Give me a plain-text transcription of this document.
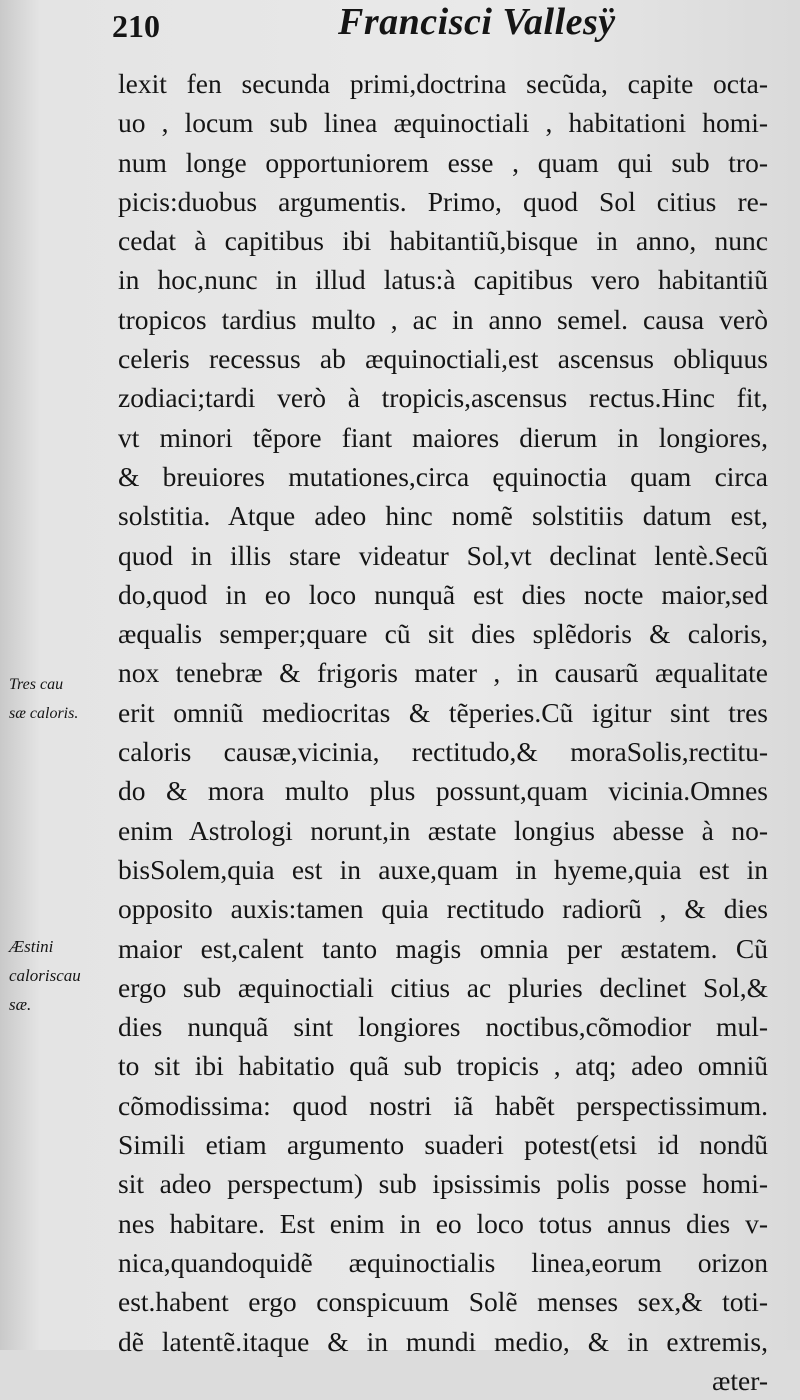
210	Francisci Vallesÿ
Tres cau
sæ caloris.
Æstini
caloriscau
sæ.
lexit fen secunda primi,doctrina secũda, capite octa-
uo , locum sub linea æquinoctiali , habitationi homi-
num longe opportuniorem esse , quam qui sub tro-
picis:duobus argumentis. Primo, quod Sol citius re-
cedat à capitibus ibi habitantiũ,bisque in anno, nunc
in hoc,nunc in illud latus:à capitibus vero habitantiũ
tropicos tardius multo , ac in anno semel. causa verò
celeris recessus ab æquinoctiali,est ascensus obliquus
zodiaci;tardi verò à tropicis,ascensus rectus.Hinc fit,
vt minori tẽpore fiant maiores dierum in longiores,
& breuiores mutationes,circa ęquinoctia quam circa
solstitia. Atque adeo hinc nomẽ solstitiis datum est,
quod in illis stare videatur Sol,vt declinat lentè.Secũ
do,quod in eo loco nunquã est dies nocte maior,sed
æqualis semper;quare cũ sit dies splẽdoris & caloris,
nox tenebræ & frigoris mater , in causarũ æqualitate
erit omniũ mediocritas & tẽperies.Cũ igitur sint tres
caloris causæ,vicinia, rectitudo,& moraSolis,rectitu-
do & mora multo plus possunt,quam vicinia.Omnes
enim Astrologi norunt,in æstate longius abesse à no-
bisSolem,quia est in auxe,quam in hyeme,quia est in
opposito auxis:tamen quia rectitudo radiorũ , & dies
maior est,calent tanto magis omnia per æstatem. Cũ
ergo sub æquinoctiali citius ac pluries declinet Sol,&
dies nunquã sint longiores noctibus,cõmodior mul-
to sit ibi habitatio quã sub tropicis , atq; adeo omniũ
cõmodissima: quod nostri iã habẽt perspectissimum.
Simili etiam argumento suaderi potest(etsi id nondũ
sit adeo perspectum) sub ipsissimis polis posse homi-
nes habitare. Est enim in eo loco totus annus dies v-
nica,quandoquidẽ æquinoctialis linea,eorum orizon
est.habent ergo conspicuum Solẽ menses sex,& toti-
dẽ latentẽ.itaque & in mundi medio, & in extremis,
æter-
